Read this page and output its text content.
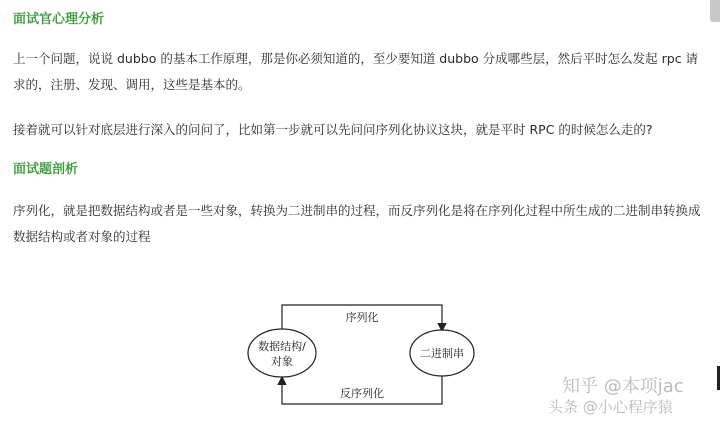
面试官心理分析

上一个问题，说说 dubbo 的基本工作原理，那是你必须知道的，至少要知道 dubbo 分成哪些层，然后平时怎么发起 rpc 请求的，注册、发现、调用，这些是基本的。

接着就可以针对底层进行深入的问问了，比如第一步就可以先问问序列化协议这块，就是平时 RPC 的时候怎么走的?

面试题剖析

序列化，就是把数据结构或者是一些对象，转换为二进制串的过程，而反序列化是将在序列化过程中所生成的二进制串转换成数据结构或者对象的过程

数据结构/
对象
二进制串
序列化
反序列化	知乎 @本项jac
头条 @小心程序猿
